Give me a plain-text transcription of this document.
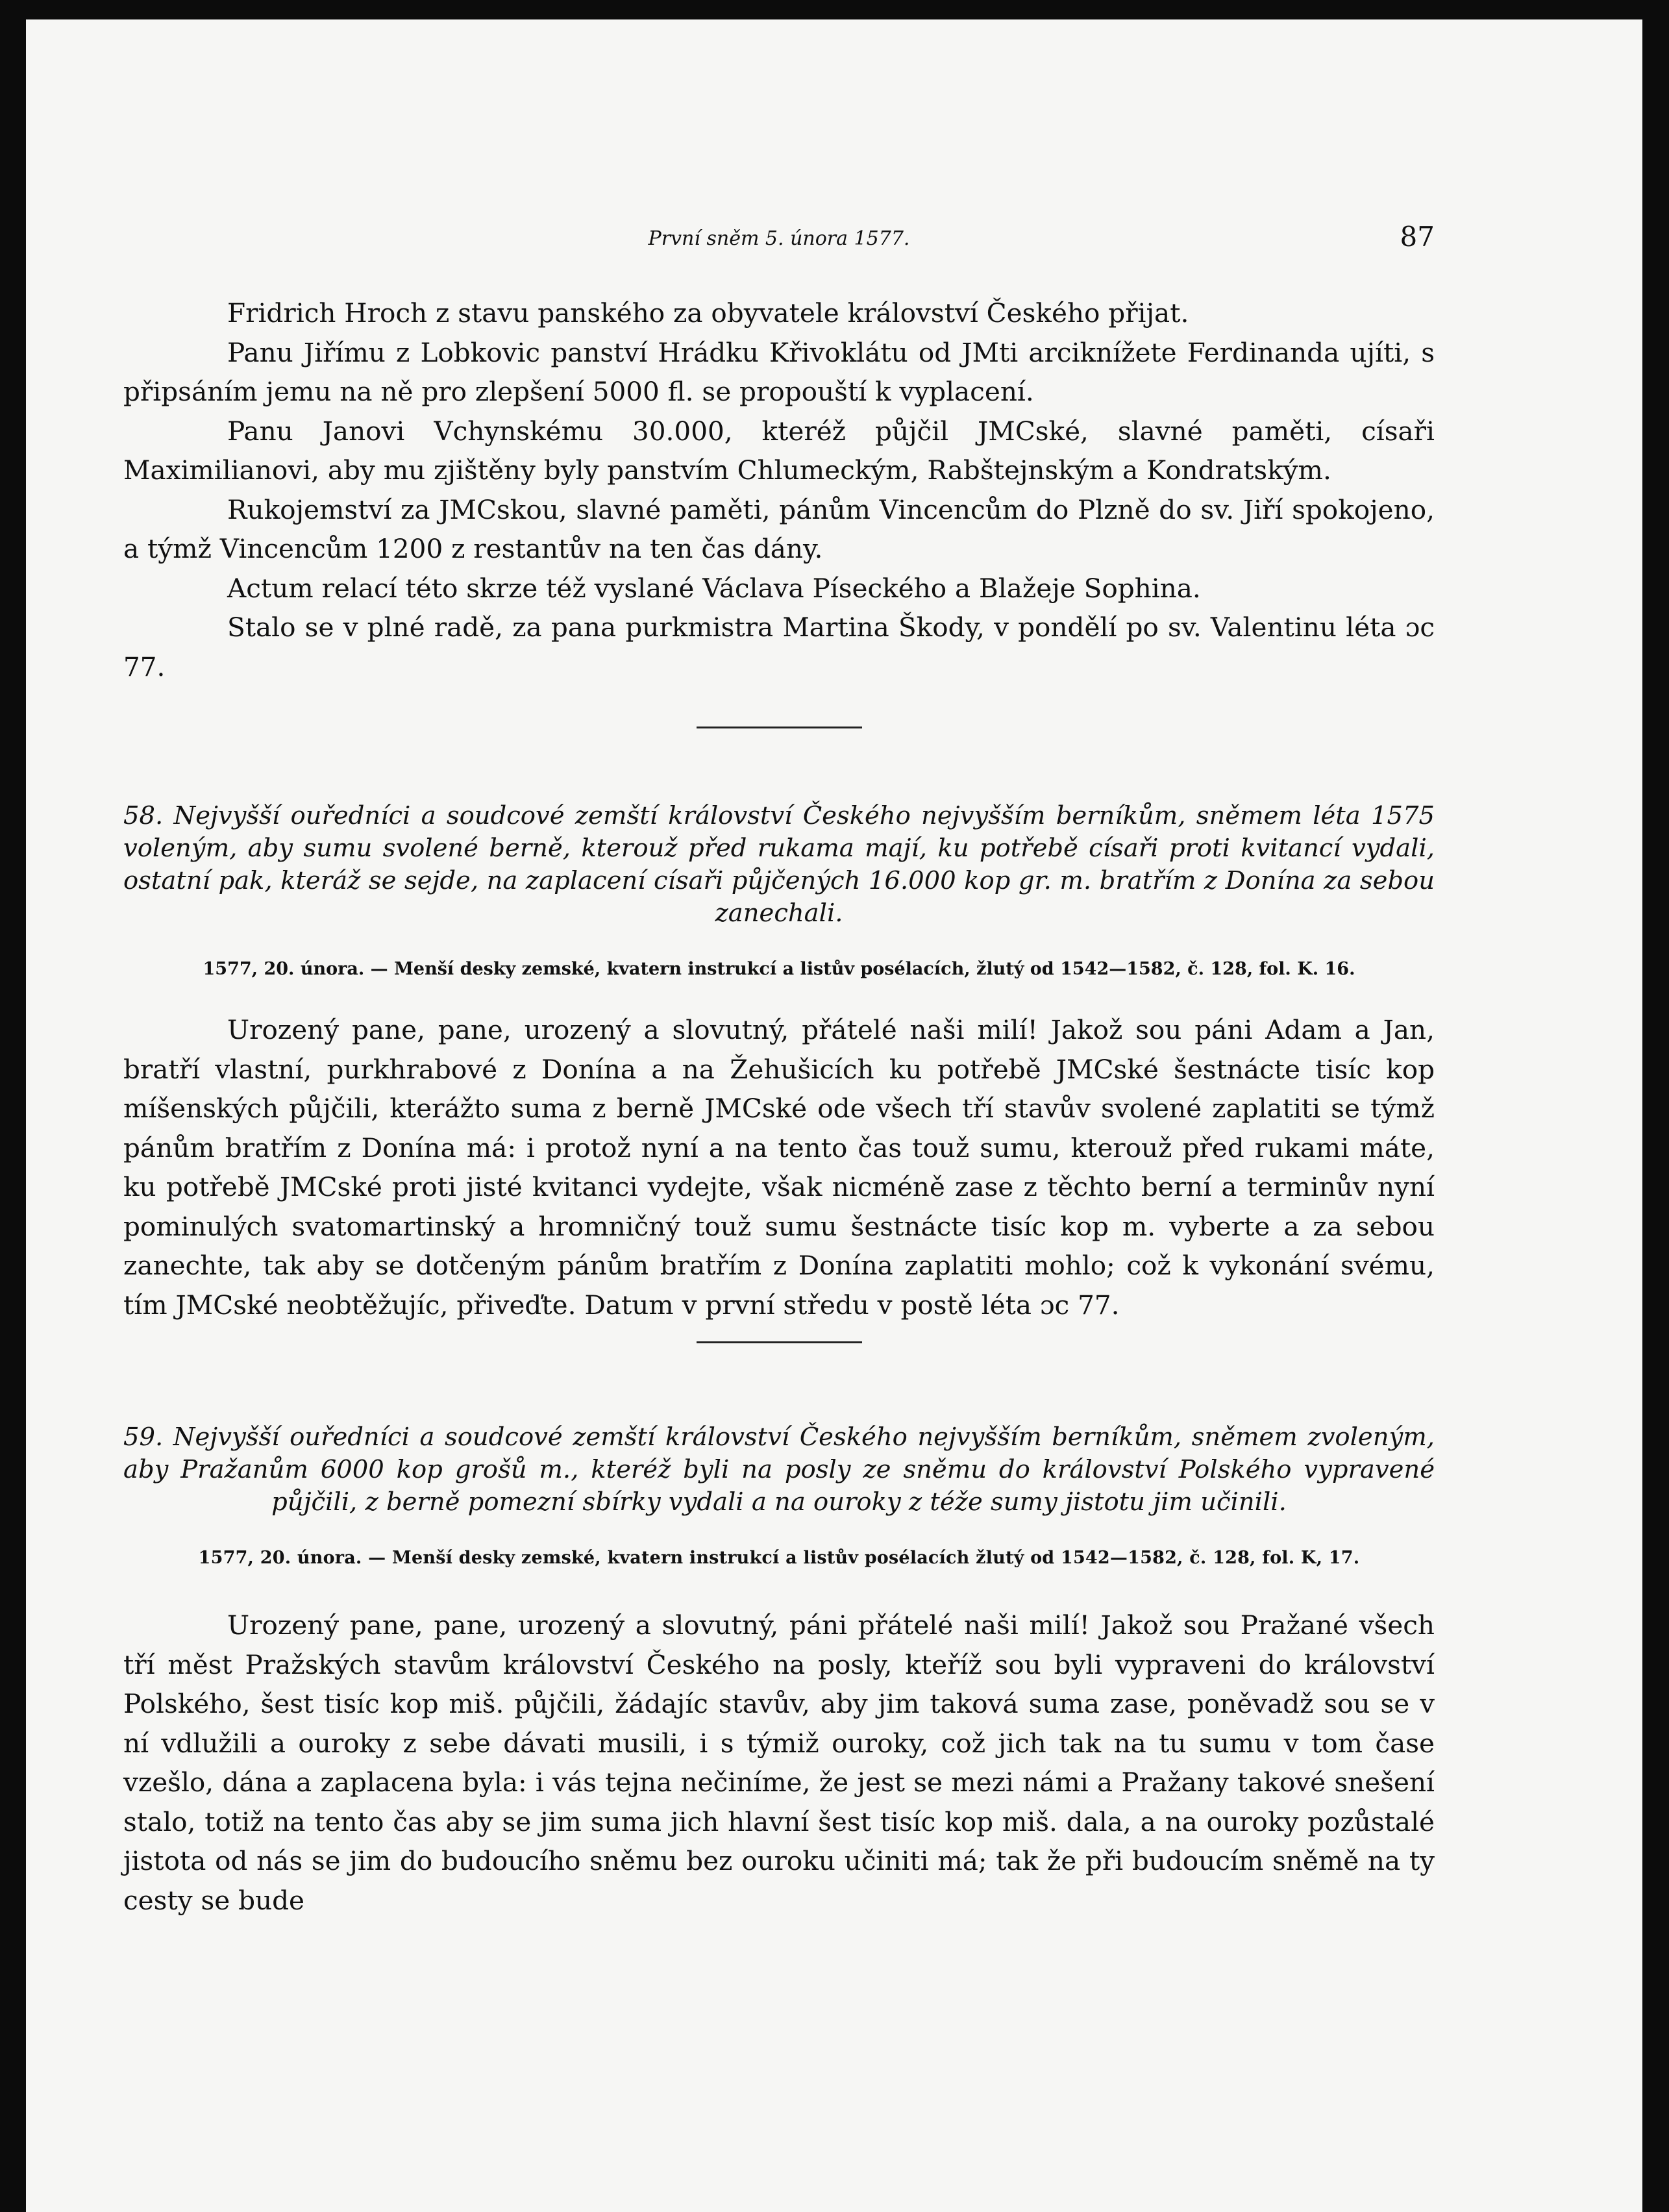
První sněm 5. února 1577.	87

Fridrich Hroch z stavu panského za obyvatele království Českého přijat.

Panu Jiřímu z Lobkovic panství Hrádku Křivoklátu od JMti arciknížete Ferdinanda ujíti, s připsáním jemu na ně pro zlepšení 5000 fl. se propouští k vyplacení.

Panu Janovi Vchynskému 30.000, kteréž půjčil JMCské, slavné paměti, císaři Maximilianovi, aby mu zjištěny byly panstvím Chlumeckým, Rabštejnským a Kondratským.

Rukojemství za JMCskou, slavné paměti, pánům Vincencům do Plzně do sv. Jiří spokojeno, a týmž Vincencům 1200 z restantův na ten čas dány.

Actum relací této skrze též vyslané Václava Píseckého a Blažeje Sophina.

Stalo se v plné radě, za pana purkmistra Martina Škody, v pondělí po sv. Valentinu léta ɔc 77.

58. Nejvyšší ouředníci a soudcové zemští království Českého nejvyšším berníkům, sněmem léta 1575 voleným, aby sumu svolené berně, kterouž před rukama mají, ku potřebě císaři proti kvitancí vydali, ostatní pak, kteráž se sejde, na zaplacení císaři půjčených 16.000 kop gr. m. bratřím z Donína za sebou zanechali.

1577, 20. února. — Menší desky zemské, kvatern instrukcí a listův posélacích, žlutý od 1542—1582, č. 128, fol. K. 16.

Urozený pane, pane, urozený a slovutný, přátelé naši milí! Jakož sou páni Adam a Jan, bratří vlastní, purkhrabové z Donína a na Žehušicích ku potřebě JMCské šestnácte tisíc kop míšenských půjčili, kterážto suma z berně JMCské ode všech tří stavův svolené zaplatiti se týmž pánům bratřím z Donína má: i protož nyní a na tento čas touž sumu, kterouž před rukami máte, ku potřebě JMCské proti jisté kvitanci vydejte, však nicméně zase z těchto berní a terminův nyní pominulých svatomartinský a hromničný touž sumu šestnácte tisíc kop m. vyberte a za sebou zanechte, tak aby se dotčeným pánům bratřím z Donína zaplatiti mohlo; což k vykonání svému, tím JMCské neobtěžujíc, přiveďte. Datum v první středu v postě léta ɔc 77.

59. Nejvyšší ouředníci a soudcové zemští království Českého nejvyšším berníkům, sněmem zvoleným, aby Pražanům 6000 kop grošů m., kteréž byli na posly ze sněmu do království Polského vypravené půjčili, z berně pomezní sbírky vydali a na ouroky z téže sumy jistotu jim učinili.

1577, 20. února. — Menší desky zemské, kvatern instrukcí a listův posélacích žlutý od 1542—1582, č. 128, fol. K, 17.

Urozený pane, pane, urozený a slovutný, páni přátelé naši milí! Jakož sou Pražané všech tří měst Pražských stavům království Českého na posly, kteříž sou byli vypraveni do království Polského, šest tisíc kop miš. půjčili, žádajíc stavův, aby jim taková suma zase, poněvadž sou se v ní vdlužili a ouroky z sebe dávati musili, i s týmiž ouroky, což jich tak na tu sumu v tom čase vzešlo, dána a zaplacena byla: i vás tejna nečiníme, že jest se mezi námi a Pražany takové snešení stalo, totiž na tento čas aby se jim suma jich hlavní šest tisíc kop miš. dala, a na ouroky pozůstalé jistota od nás se jim do budoucího sněmu bez ouroku učiniti má; tak že při budoucím sněmě na ty cesty se bude
